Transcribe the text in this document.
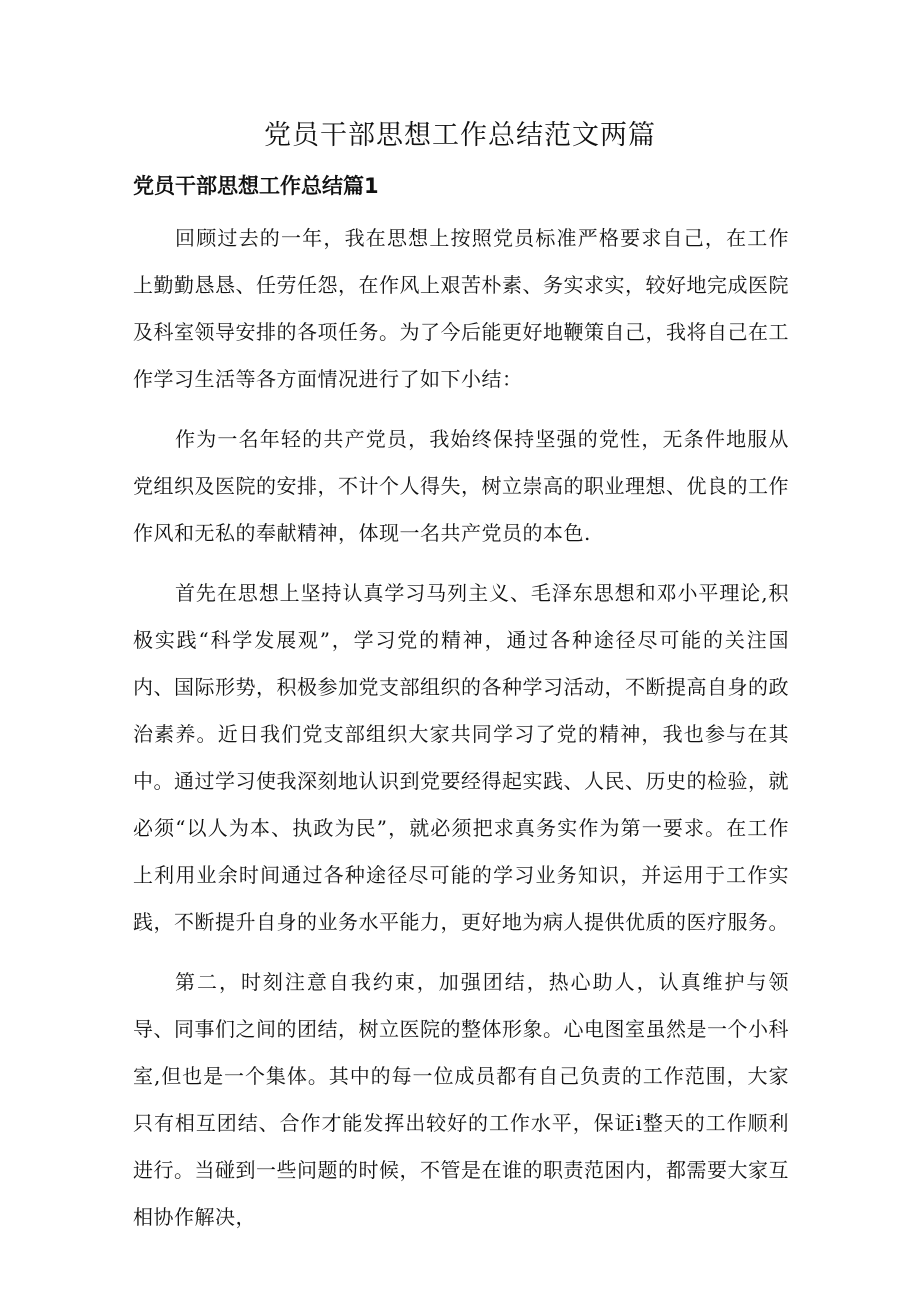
党员干部思想工作总结范文两篇
党员干部思想工作总结篇1

回顾过去的一年，我在思想上按照党员标准严格要求自己，在工作上勤勤恳恳、任劳任怨，在作风上艰苦朴素、务实求实，较好地完成医院及科室领导安排的各项任务。为了今后能更好地鞭策自己，我将自己在工作学习生活等各方面情况进行了如下小结：

作为一名年轻的共产党员，我始终保持坚强的党性，无条件地服从党组织及医院的安排，不计个人得失，树立崇高的职业理想、优良的工作作风和无私的奉献精神，体现一名共产党员的本色.

首先在思想上坚持认真学习马列主义、毛泽东思想和邓小平理论,积极实践“科学发展观”，学习党的精神，通过各种途径尽可能的关注国内、国际形势，积极参加党支部组织的各种学习活动，不断提高自身的政治素养。近日我们党支部组织大家共同学习了党的精神，我也参与在其中。通过学习使我深刻地认识到党要经得起实践、人民、历史的检验，就必须“以人为本、执政为民”，就必须把求真务实作为第一要求。在工作上利用业余时间通过各种途径尽可能的学习业务知识，并运用于工作实践，不断提升自身的业务水平能力，更好地为病人提供优质的医疗服务。

第二，时刻注意自我约束，加强团结，热心助人，认真维护与领导、同事们之间的团结，树立医院的整体形象。心电图室虽然是一个小科室,但也是一个集体。其中的每一位成员都有自己负责的工作范围，大家只有相互团结、合作才能发挥出较好的工作水平，保证i整天的工作顺利进行。当碰到一些问题的时候，不管是在谁的职责范困内，都需要大家互相协作解决，
